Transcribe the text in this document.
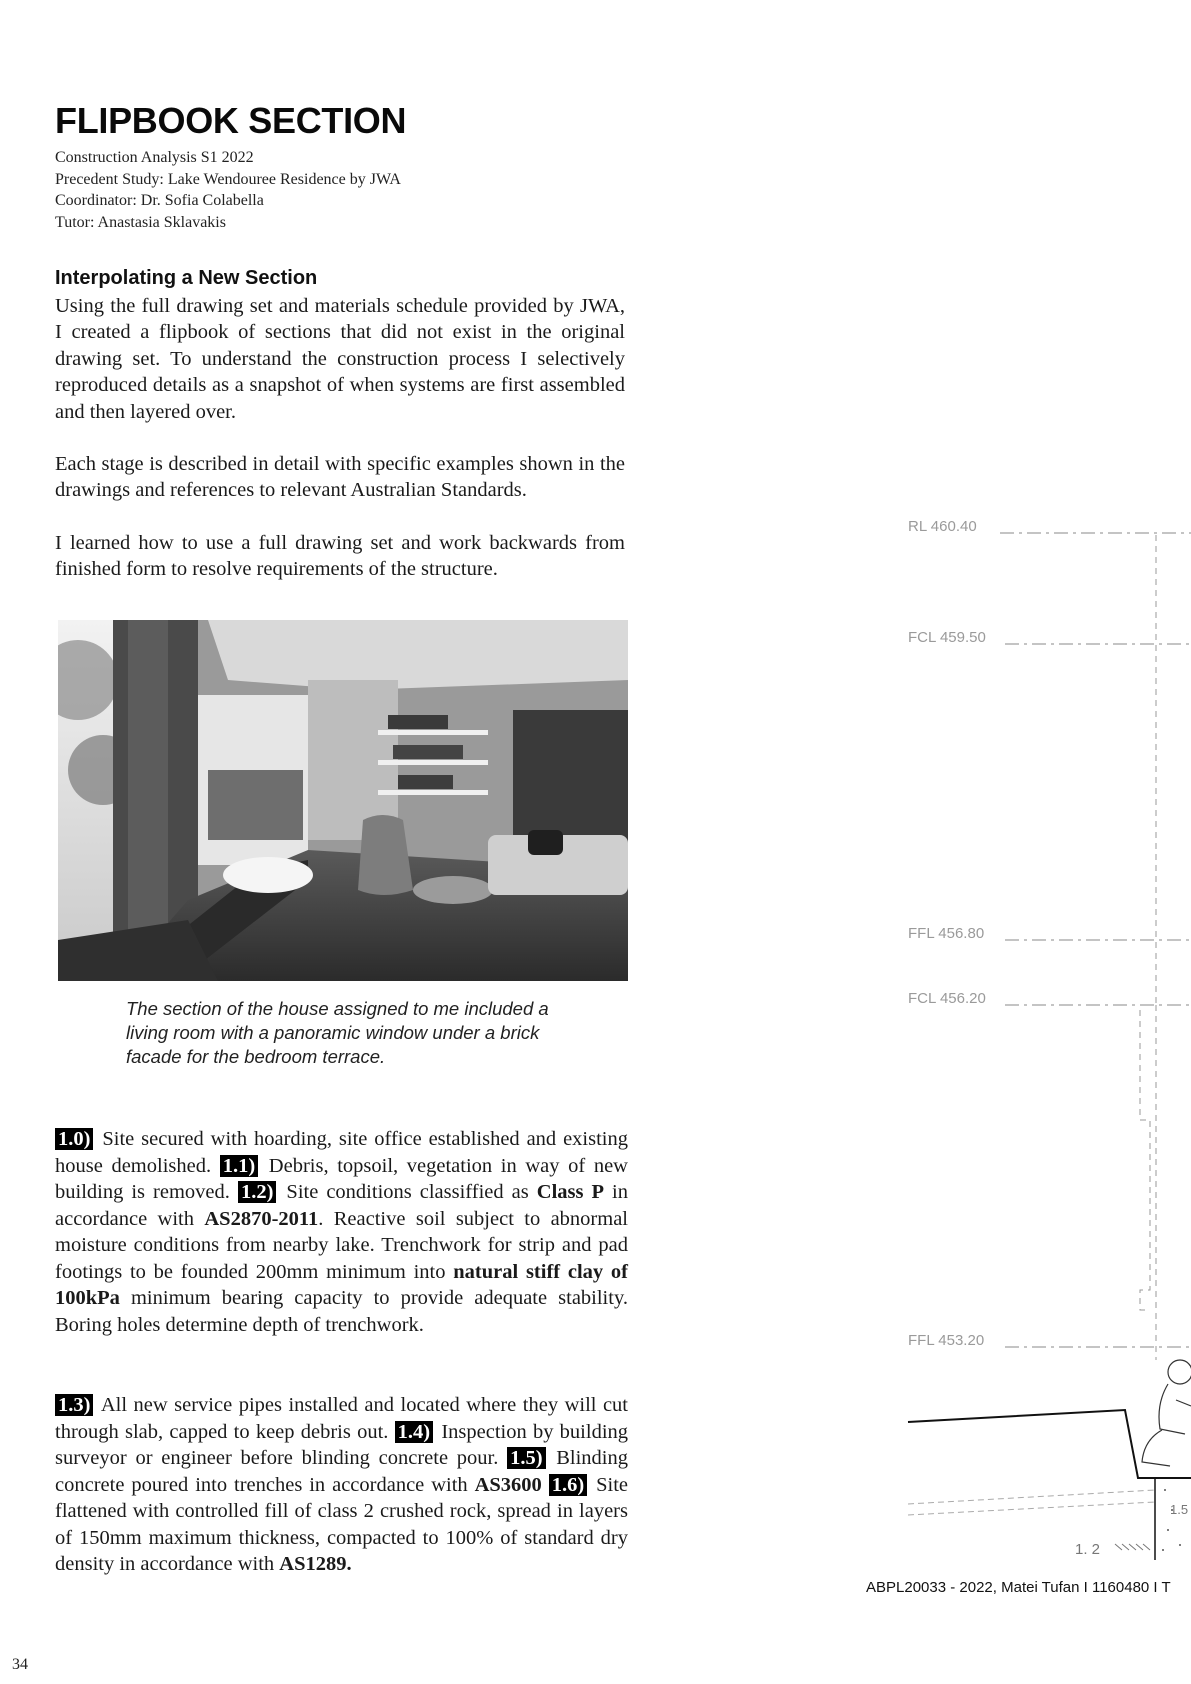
FLIPBOOK SECTION
Construction Analysis S1 2022
Precedent Study: Lake Wendouree Residence by JWA
Coordinator: Dr. Sofia Colabella
Tutor: Anastasia Sklavakis
Interpolating a New Section

Using the full drawing set and materials schedule provided by JWA, I created a flipbook of sections that did not exist in the original drawing set. To understand the construction process I selectively reproduced details as a snapshot of when systems are first assembled and then layered over.

Each stage is described in detail with specific examples shown in the drawings and references to relevant Australian Standards.

I learned how to use a full drawing set and work backwards from finished form to resolve requirements of the structure.

The section of the house assigned to me included a living room with a panoramic window under a brick facade for the bedroom terrace.
1.0) Site secured with hoarding, site office established and existing house demolished. 1.1) Debris, topsoil, vegetation in way of new building is removed. 1.2) Site conditions classiffied as Class P in accordance with AS2870-2011. Reactive soil subject to abnormal moisture conditions from nearby lake. Trenchwork for strip and pad footings to be founded 200mm minimum into natural stiff clay of 100kPa minimum bearing capacity to provide adequate stability. Boring holes determine depth of trenchwork.
1.3) All new service pipes installed and located where they will cut through slab, capped to keep debris out. 1.4) Inspection by building surveyor or engineer before blinding concrete pour. 1.5) Blinding concrete poured into trenches in accordance with AS3600 1.6) Site flattened with controlled fill of class 2 crushed rock, spread in layers of 150mm maximum thickness, compacted to 100% of standard dry density in accordance with AS1289.
RL 460.40
FCL 459.50
FFL 456.80
FCL 456.20
FFL 453.20
1. 2
1.5
ABPL20033 - 2022, Matei Tufan I 1160480 I T
34
